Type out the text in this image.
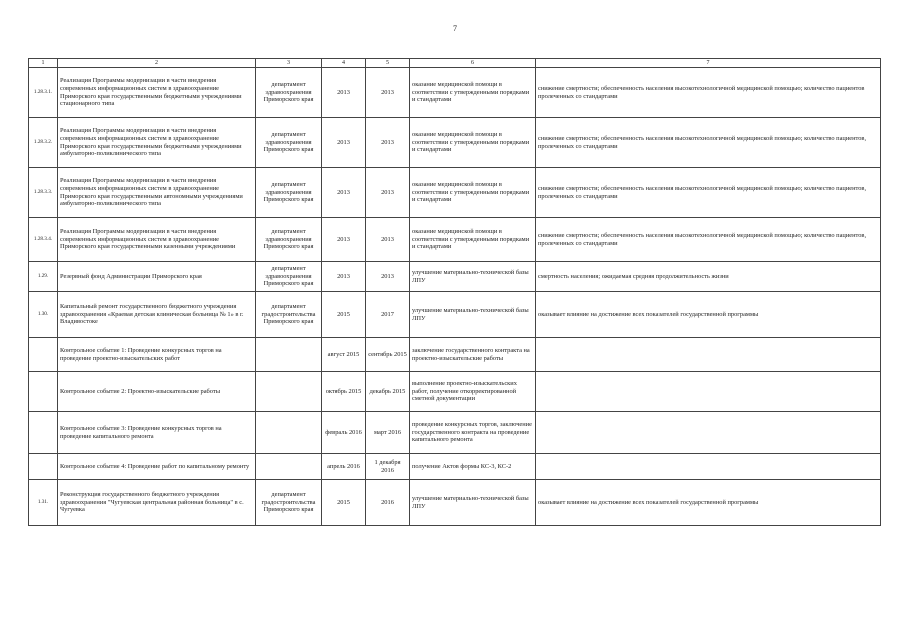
7
1	2	3	4	5	6	7
1.28.3.1.	Реализация Программы модернизации в части внедрения современных информационных систем в здравоохранение Приморского края государственными бюджетными учреждениями стационарного типа	департамент здравоохранения Приморского края	2013	2013	оказание медицинской помощи в соответствии с утвержденными порядками и стандартами	снижение смертности; обеспеченность населения высокотехнологичной медицинской помощью; количество пациентов пролеченных со стандартами
1.28.3.2.	Реализация Программы модернизации в части внедрения современных информационных систем в здравоохранение Приморского края государственными бюджетными учреждениями амбулаторно-поликлинического типа	департамент здравоохранения Приморского края	2013	2013	оказание медицинской помощи в соответствии с утвержденными порядками и стандартами	снижение смертности; обеспеченность населения высокотехнологичной медицинской помощью; количество пациентов, пролеченных со стандартами
1.28.3.3.	Реализация Программы модернизации в части внедрения современных информационных систем в здравоохранение Приморского края государственными автономными учреждениями амбулаторно-поликлинического типа	департамент здравоохранения Приморского края	2013	2013	оказание медицинской помощи в соответствии с утвержденными порядками и стандартами	снижение смертности; обеспеченность населения высокотехнологичной медицинской помощью; количество пациентов, пролеченных со стандартами
1.28.3.4.	Реализация Программы модернизации в части внедрения современных информационных систем в здравоохранение Приморского края государственными казенными учреждениями	департамент здравоохранения Приморского края	2013	2013	оказание медицинской помощи в соответствии с утвержденными порядками и стандартами	снижение смертности; обеспеченность населения высокотехнологичной медицинской помощью; количество пациентов, пролеченных со стандартами
1.29.	Резервный фонд Администрации Приморского края	департамент здравоохранения Приморского края	2013	2013	улучшение материально-технической базы ЛПУ	смертность населения; ожидаемая средняя продолжительность жизни
1.30.	Капитальный ремонт государственного бюджетного учреждения здравоохранения «Краевая детская клиническая больница № 1» в г. Владивостоке	департамент градостроительства Приморского края	2015	2017	улучшение материально-технической базы ЛПУ	оказывает влияние на достижение всех показателей государственной программы
	Контрольное событие 1: Проведение конкурсных торгов на проведение проектно-изыскательских работ		август 2015	сентябрь 2015	заключение государственного контракта на проектно-изыскательские работы	
	Контрольное событие 2: Проектно-изыскательские работы		октябрь 2015	декабрь 2015	выполнение проектно-изыскательских работ, получение откорректированной сметной документации	
	Контрольное событие 3: Проведение конкурсных торгов на проведение капитального ремонта		февраль 2016	март 2016	проведение конкурсных торгов, заключение государственного контракта на проведение капитального ремонта	
	Контрольное событие 4: Проведение работ по капитальному ремонту		апрель 2016	1 декабря 2016	получение Актов формы КС-3, КС-2	
1.31.	Реконструкция государственного бюджетного учреждения здравоохранения "Чугуевская центральная районная больница" в с. Чугуевка	департамент градостроительства Приморского края	2015	2016	улучшение материально-технической базы ЛПУ	оказывает влияние на достижение всех показателей государственной программы
